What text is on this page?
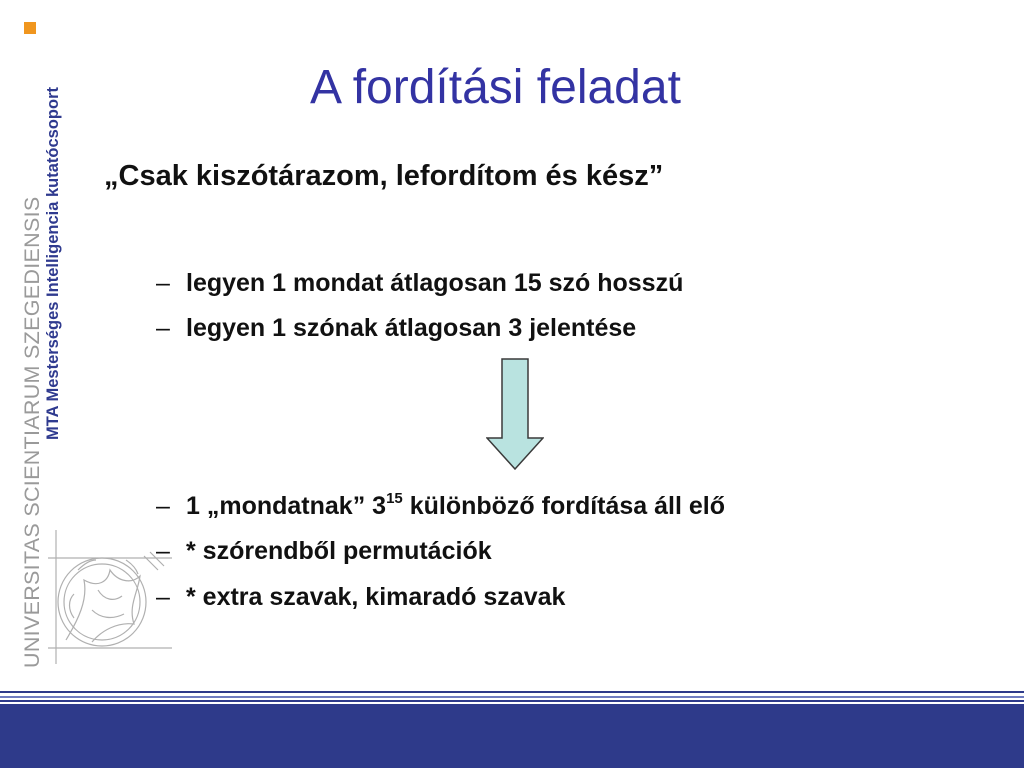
UNIVERSITAS SCIENTIARUM SZEGEDIENSIS MTA Mesterséges Intelligencia kutatócsoport	A fordítási feladat
„Csak kiszótárazom, lefordítom és kész”
– legyen 1 mondat átlagosan 15 szó hosszú
– legyen 1 szónak átlagosan 3 jelentése
– 1 „mondatnak” $3^{15}$ különböző fordítása áll elő
– * szórendből permutációk
– * extra szavak, kimaradó szavak
